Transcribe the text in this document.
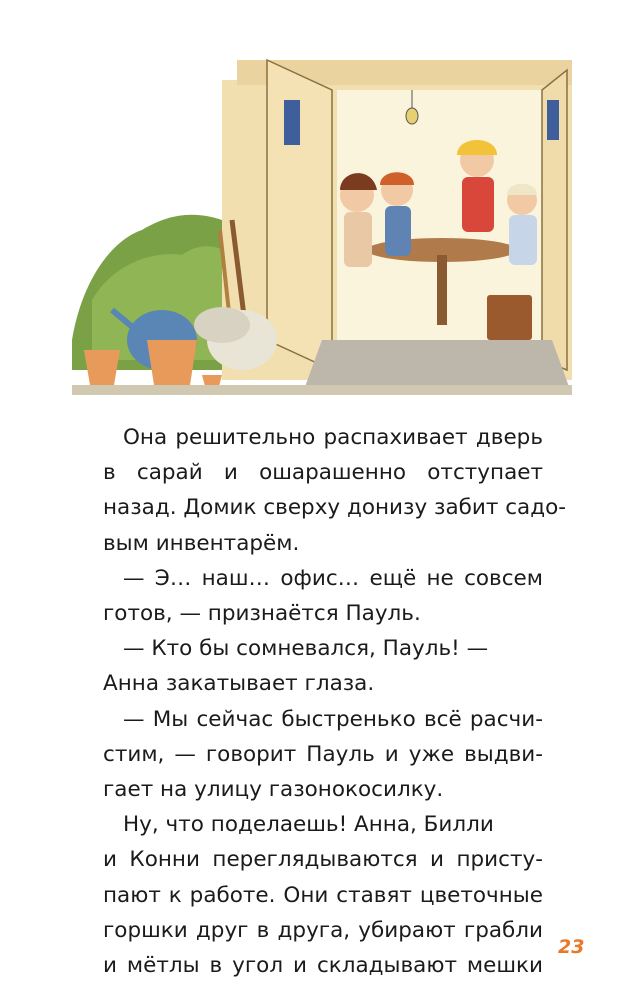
Она решительно распахивает дверь
в сарай и ошарашенно отступает
назад. Домик сверху донизу забит садо-
вым инвентарём.

— Э… наш… офис… ещё не совсем
готов, — признаётся Пауль.

— Кто бы сомневался, Пауль! —
Анна закатывает глаза.

— Мы сейчас быстренько всё расчи-
стим, — говорит Пауль и уже выдви-
гает на улицу газонокосилку.

Ну, что поделаешь! Анна, Билли
и Конни переглядываются и присту-
пают к работе. Они ставят цветочные
горшки друг в друга, убирают грабли
и мётлы в угол и складывают мешки

23
